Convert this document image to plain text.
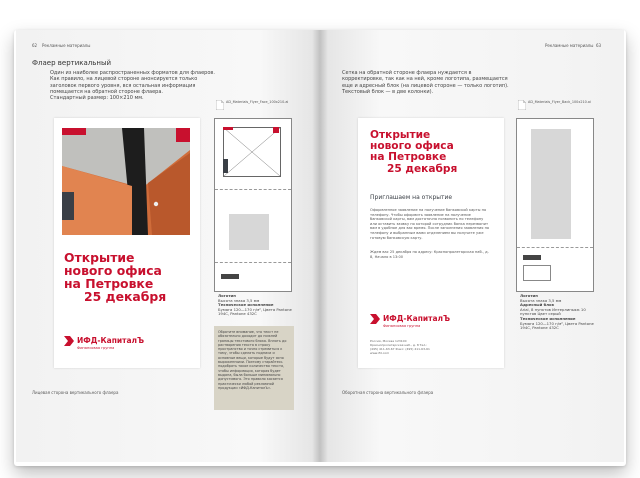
62 Рекламные материалы
Флаер вертикальный
Один из наиболее распространенных форматов для флаеров. Как правило, на лицевой стороне анонсируется только заголовок первого уровня, вся остальная информация помещается на обратной стороне флаера.
Стандартный размер: 100×210 мм.
Открытие
нового офиса
на Петровке
25 декабря
ИФД-КапиталЪ
Финансовая группа
AD_Materials_Flyer_Face_100x210.ai
Логотип
Высота знака 3,5 мм
Техническое исполнение
Бумага 120—170 г/м², Цвета Pantone 194С, Pantone 432С
Обратите внимание, что текст не обязательно доходит до нижней границы текстового блока. Вплоть до растворения текста в строку пространство и точно стремиться к тому, чтобы сделать подписи и основные вещи, которые будут ясно выраженными. Поэтому старайтесь подобрать такое количество текста, чтобы информация, которая будет выдана, была больше минимально допустимого. Это правило касается практически любой рекламной продукции «ИФД-КапиталЪ».
Лицевая сторона вертикального флаера
Рекламные материалы 63
Сетка на обратной стороне флаера нуждается в корректировке, так как на ней, кроме логотипа, размещается еще и адресный блок (на лицевой стороне — только логотип). Текстовый блок — в две колонки).
AD_Materials_Flyer_Back_100x210.ai
Открытие
нового офиса
на Петровке
25 декабря
Приглашаем на открытие
Оформленное заявление на получение банковской карты по телефону. Чтобы оформить заявление на получение банковской карты, вам достаточно позвонить по телефону или оставить заявку по которой сотрудник банка перезвонит вам в удобное для вас время. После заполнения заявления по телефону и выбранным вами отделением вы получите уже готовую банковскую карту.
Ждем вас 25 декабря по адресу: Краснопролетарская наб., д. 8, Начало в 13:00
ИФД-КапиталЪ
Финансовая группа
Россия, Москва 123100 Краснопролетарская наб., д. 8 Тел.: (495) 411-63-67 Факс: (495) 411-63-61 www.ifd.com
Логотип
Высота знака 3,5 мм
Адресный блок
Arial, 8 пунктов Интерлиньяж 10 пунктов Цвет серый
Техническое исполнение
Бумага 120—170 г/м², Цвета Pantone 194С, Pantone 432С
Оборотная сторона вертикального флаера
